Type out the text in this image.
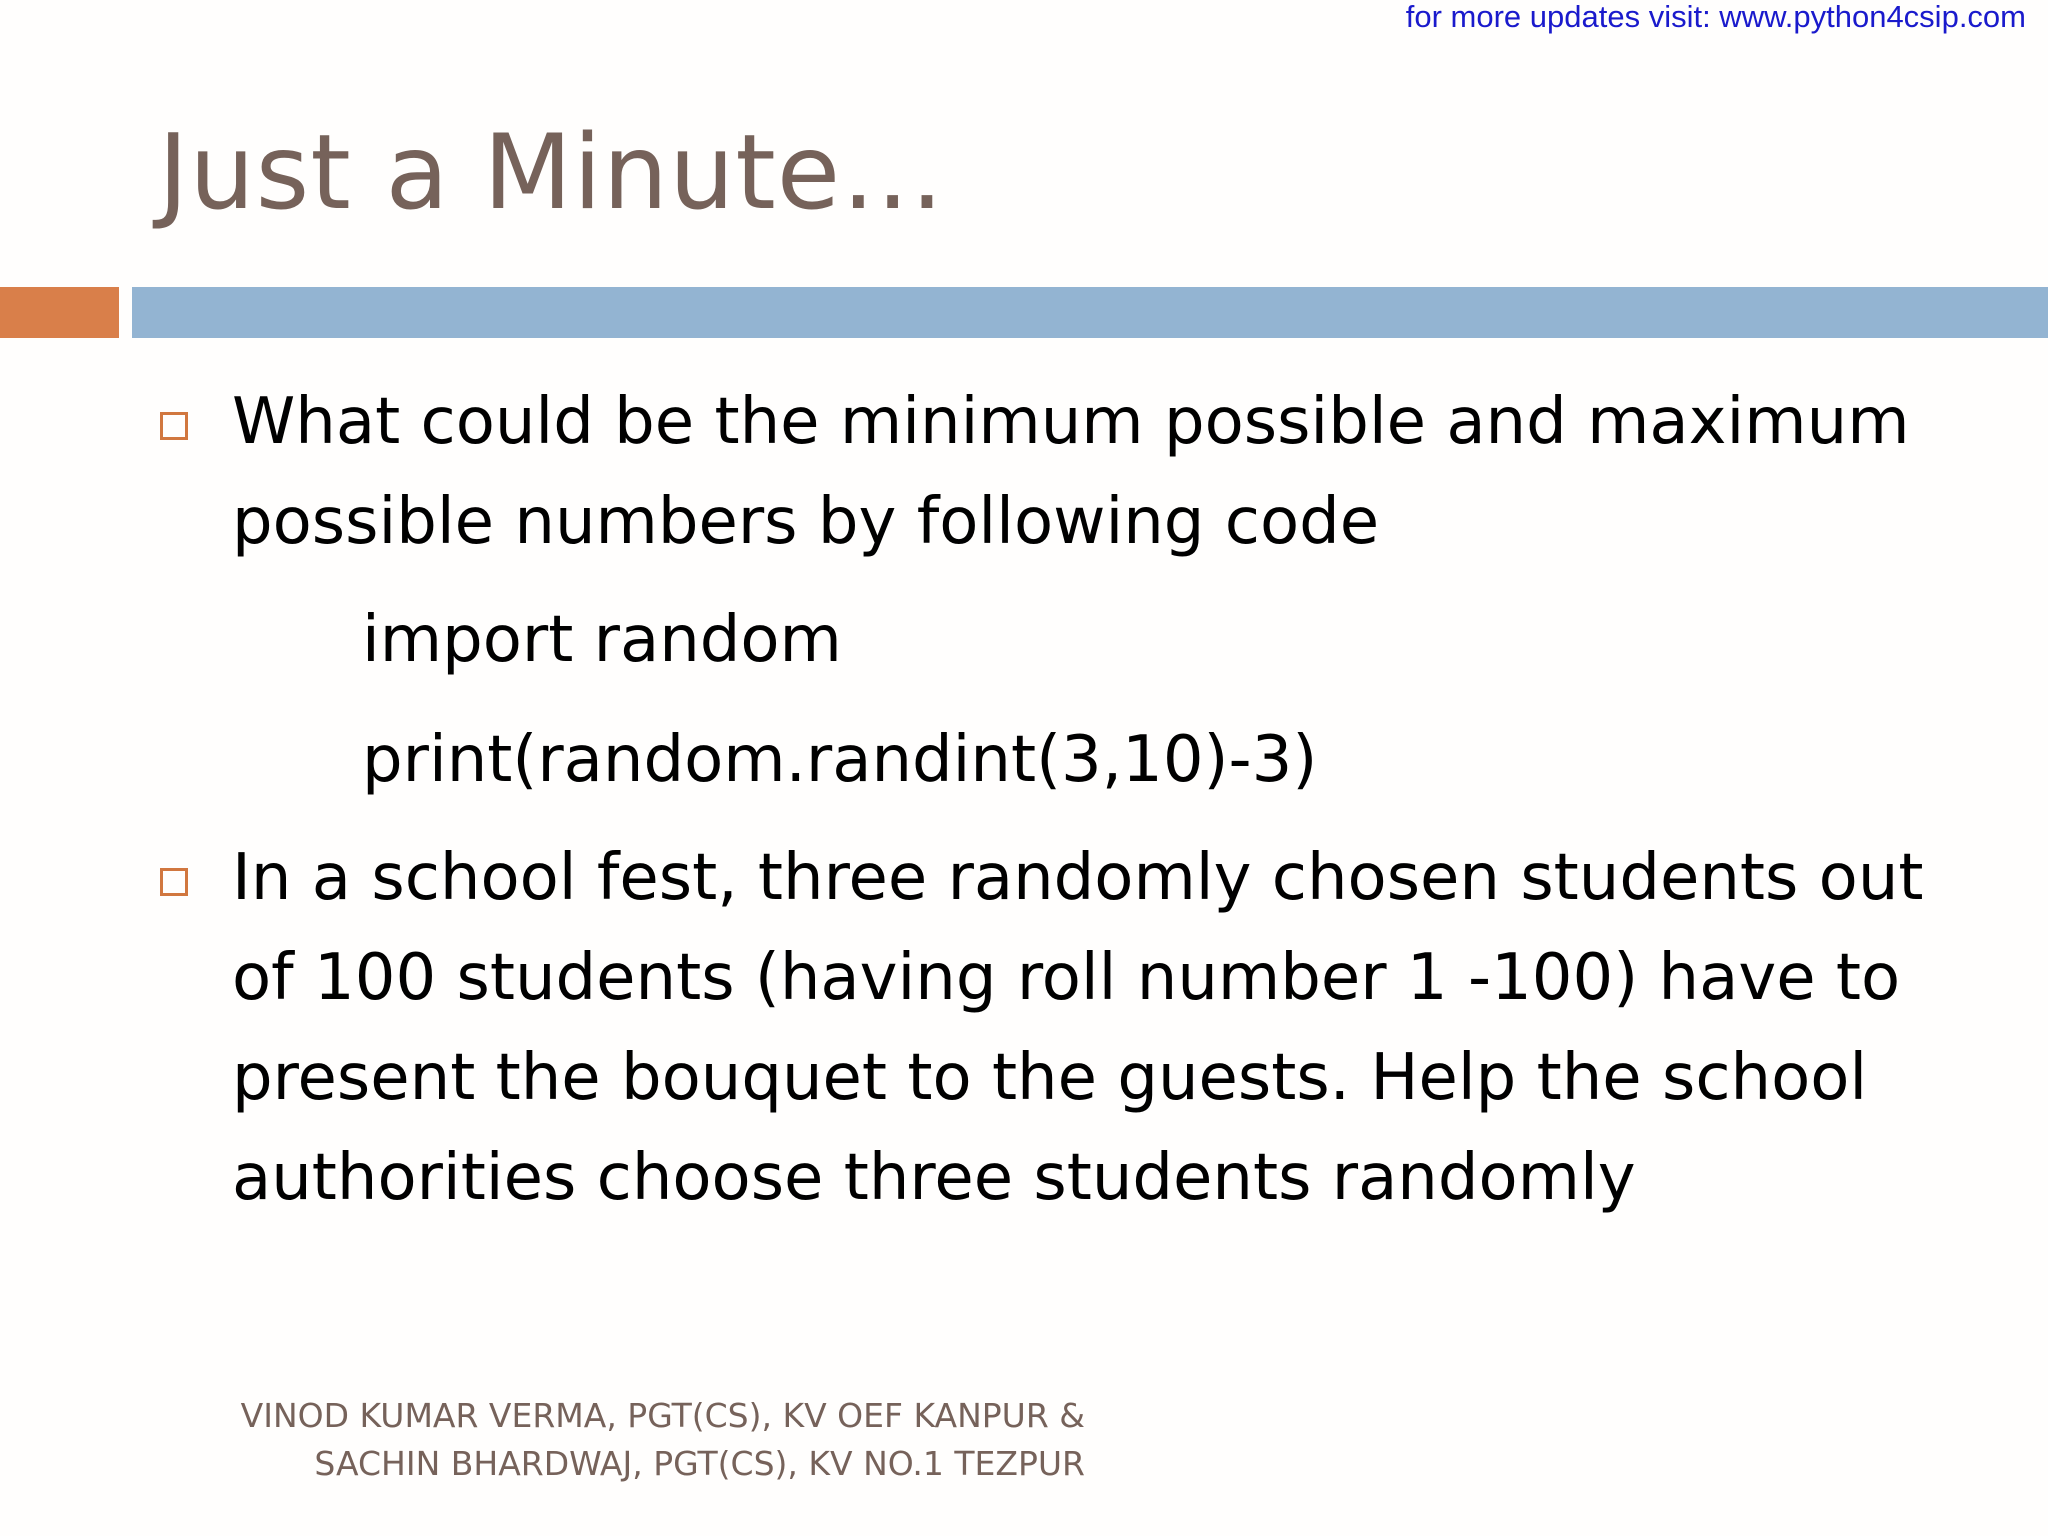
for more updates visit: www.python4csip.com
Just a Minute…
What could be the minimum possible and maximum
possible numbers by following code
import random
print(random.randint(3,10)-3)
In a school fest, three randomly chosen students out
of 100 students (having roll number 1 -100) have to
present the bouquet to the guests. Help the school
authorities choose three students randomly
VINOD KUMAR VERMA, PGT(CS), KV OEF KANPUR &
SACHIN BHARDWAJ, PGT(CS), KV NO.1 TEZPUR
